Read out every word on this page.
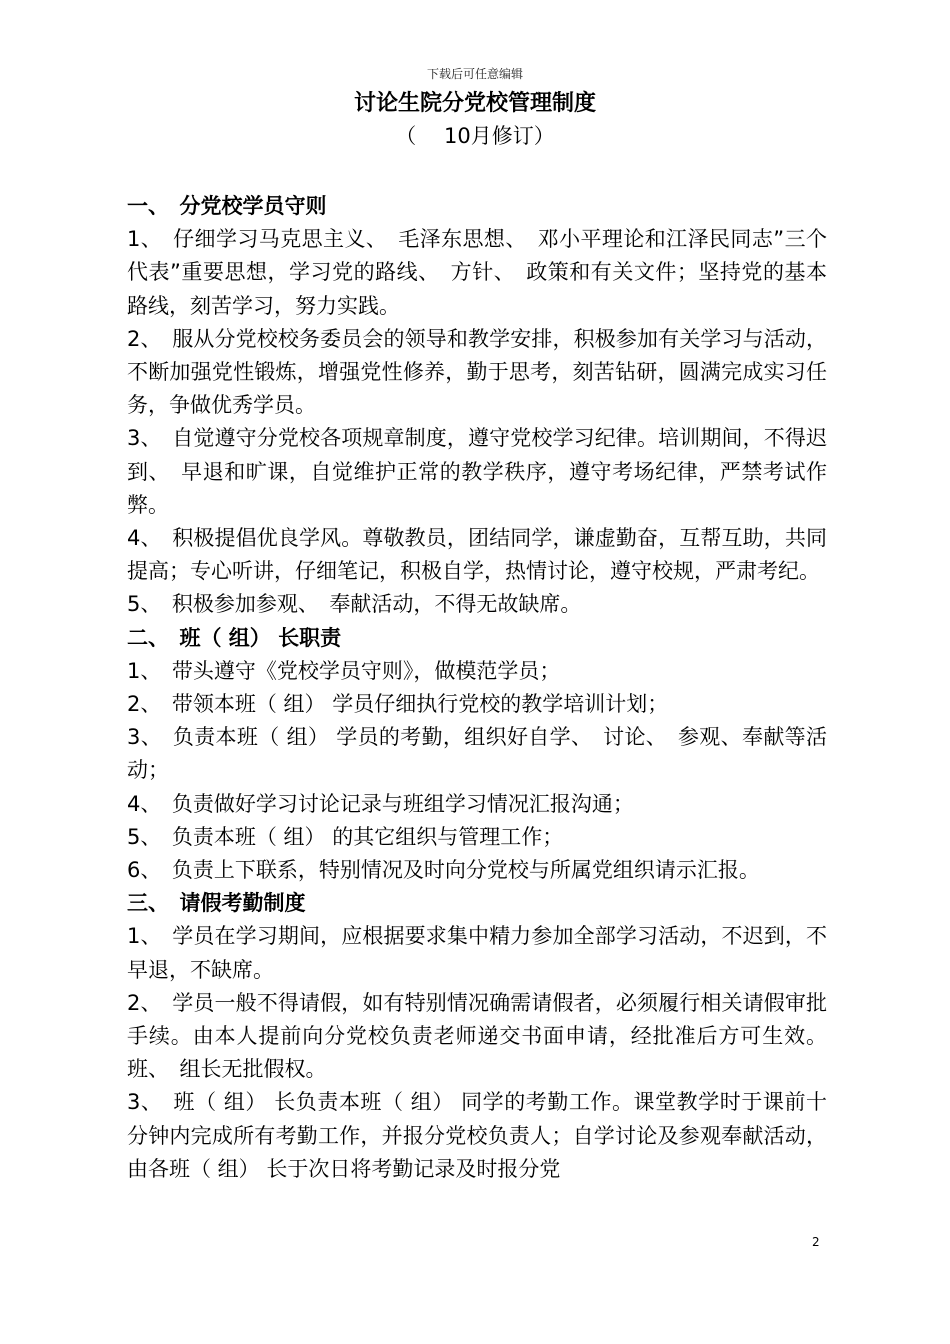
下载后可任意编辑
讨论生院分党校管理制度
（　 10月修订）
一、　分党校学员守则
1、　仔细学习马克思主义、　毛泽东思想、　邓小平理论和江泽民同志”三个代表”重要思想，学习党的路线、　方针、　政策和有关文件；坚持党的基本路线，刻苦学习，努力实践。
2、　服从分党校校务委员会的领导和教学安排，积极参加有关学习与活动，不断加强党性锻炼，增强党性修养，勤于思考，刻苦钻研，圆满完成实习任务，争做优秀学员。
3、　自觉遵守分党校各项规章制度，遵守党校学习纪律。培训期间，不得迟到、　早退和旷课，自觉维护正常的教学秩序，遵守考场纪律，严禁考试作弊。
4、　积极提倡优良学风。尊敬教员，团结同学，谦虚勤奋，互帮互助，共同提高；专心听讲，仔细笔记，积极自学，热情讨论，遵守校规，严肃考纪。
5、　积极参加参观、　奉献活动，不得无故缺席。
二、　班（ 组） 长职责
1、　带头遵守《党校学员守则》，做模范学员；
2、　带领本班（ 组） 学员仔细执行党校的教学培训计划；
3、　负责本班（ 组） 学员的考勤，组织好自学、　讨论、　参观、奉献等活动；
4、　负责做好学习讨论记录与班组学习情况汇报沟通；
5、　负责本班（ 组） 的其它组织与管理工作；
6、　负责上下联系，特别情况及时向分党校与所属党组织请示汇报。
三、　请假考勤制度
1、　学员在学习期间，应根据要求集中精力参加全部学习活动，不迟到，不早退，不缺席。
2、　学员一般不得请假，如有特别情况确需请假者，必须履行相关请假审批手续。由本人提前向分党校负责老师递交书面申请，经批准后方可生效。班、　组长无批假权。
3、　班（ 组） 长负责本班（ 组） 同学的考勤工作。课堂教学时于课前十分钟内完成所有考勤工作，并报分党校负责人；自学讨论及参观奉献活动，由各班（ 组） 长于次日将考勤记录及时报分党
2
